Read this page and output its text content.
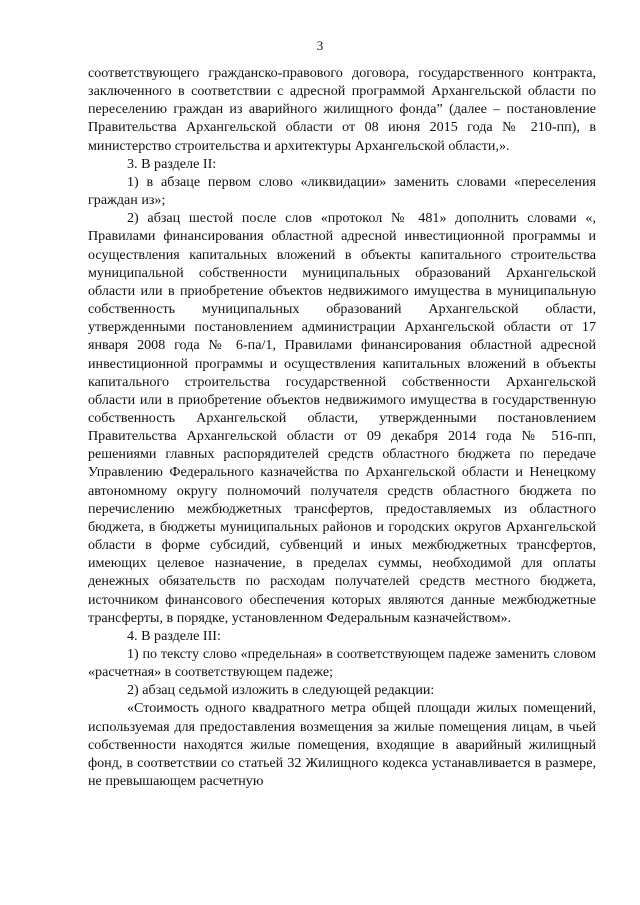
3

соответствующего гражданско-правового договора, государственного контракта, заключенного в соответствии с адресной программой Архангельской области по переселению граждан из аварийного жилищного фонда” (далее – постановление Правительства Архангельской области от 08 июня 2015 года № 210-пп), в министерство строительства и архитектуры Архангельской области,».

3. В разделе II:

1) в абзаце первом слово «ликвидации» заменить словами «переселения граждан из»;

2) абзац шестой после слов «протокол № 481» дополнить словами «, Правилами финансирования областной адресной инвестиционной программы и осуществления капитальных вложений в объекты капитального строительства муниципальной собственности муниципальных образований Архангельской области или в приобретение объектов недвижимого имущества в муниципальную собственность муниципальных образований Архангельской области, утвержденными постановлением администрации Архангельской области от 17 января 2008 года № 6-па/1, Правилами финансирования областной адресной инвестиционной программы и осуществления капитальных вложений в объекты капитального строительства государственной собственности Архангельской области или в приобретение объектов недвижимого имущества в государственную собственность Архангельской области, утвержденными постановлением Правительства Архангельской области от 09 декабря 2014 года № 516-пп, решениями главных распорядителей средств областного бюджета по передаче Управлению Федерального казначейства по Архангельской области и Ненецкому автономному округу полномочий получателя средств областного бюджета по перечислению межбюджетных трансфертов, предоставляемых из областного бюджета, в бюджеты муниципальных районов и городских округов Архангельской области в форме субсидий, субвенций и иных межбюджетных трансфертов, имеющих целевое назначение, в пределах суммы, необходимой для оплаты денежных обязательств по расходам получателей средств местного бюджета, источником финансового обеспечения которых являются данные межбюджетные трансферты, в порядке, установленном Федеральным казначейством».

4. В разделе III:

1) по тексту слово «предельная» в соответствующем падеже заменить словом «расчетная» в соответствующем падеже;

2) абзац седьмой изложить в следующей редакции:

«Стоимость одного квадратного метра общей площади жилых помещений, используемая для предоставления возмещения за жилые помещения лицам, в чьей собственности находятся жилые помещения, входящие в аварийный жилищный фонд, в соответствии со статьей 32 Жилищного кодекса устанавливается в размере, не превышающем расчетную
